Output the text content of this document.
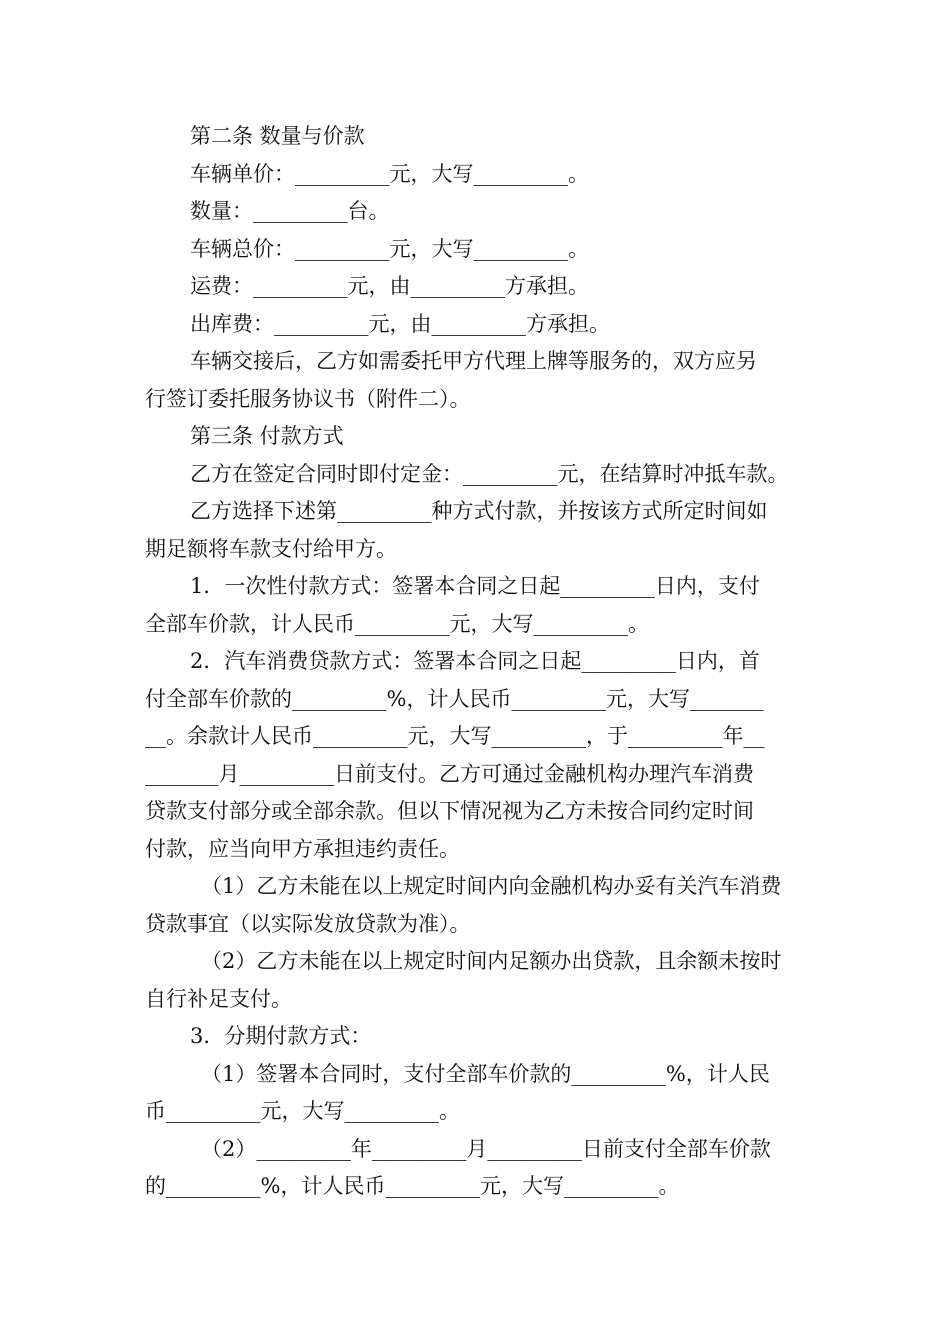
第二条 数量与价款
车辆单价：_________元，大写_________。
数量：_________台。
车辆总价：_________元，大写_________。
运费：_________元，由_________方承担。
出库费：_________元，由_________方承担。
车辆交接后，乙方如需委托甲方代理上牌等服务的，双方应另
行签订委托服务协议书（附件二）。
第三条 付款方式
乙方在签定合同时即付定金：_________元，在结算时冲抵车款。
乙方选择下述第_________种方式付款，并按该方式所定时间如
期足额将车款支付给甲方。
1．一次性付款方式：签署本合同之日起_________日内，支付
全部车价款，计人民币_________元，大写_________。
2．汽车消费贷款方式：签署本合同之日起_________日内，首
付全部车价款的_________%，计人民币_________元，大写_______
__。余款计人民币_________元，大写_________，于_________年__
_______月_________日前支付。乙方可通过金融机构办理汽车消费
贷款支付部分或全部余款。但以下情况视为乙方未按合同约定时间
付款，应当向甲方承担违约责任。
（1）乙方未能在以上规定时间内向金融机构办妥有关汽车消费
贷款事宜（以实际发放贷款为准）。
（2）乙方未能在以上规定时间内足额办出贷款，且余额未按时
自行补足支付。
3．分期付款方式：
（1）签署本合同时，支付全部车价款的_________%，计人民
币_________元，大写_________。
（2）_________年_________月_________日前支付全部车价款
的_________%，计人民币_________元，大写_________。
